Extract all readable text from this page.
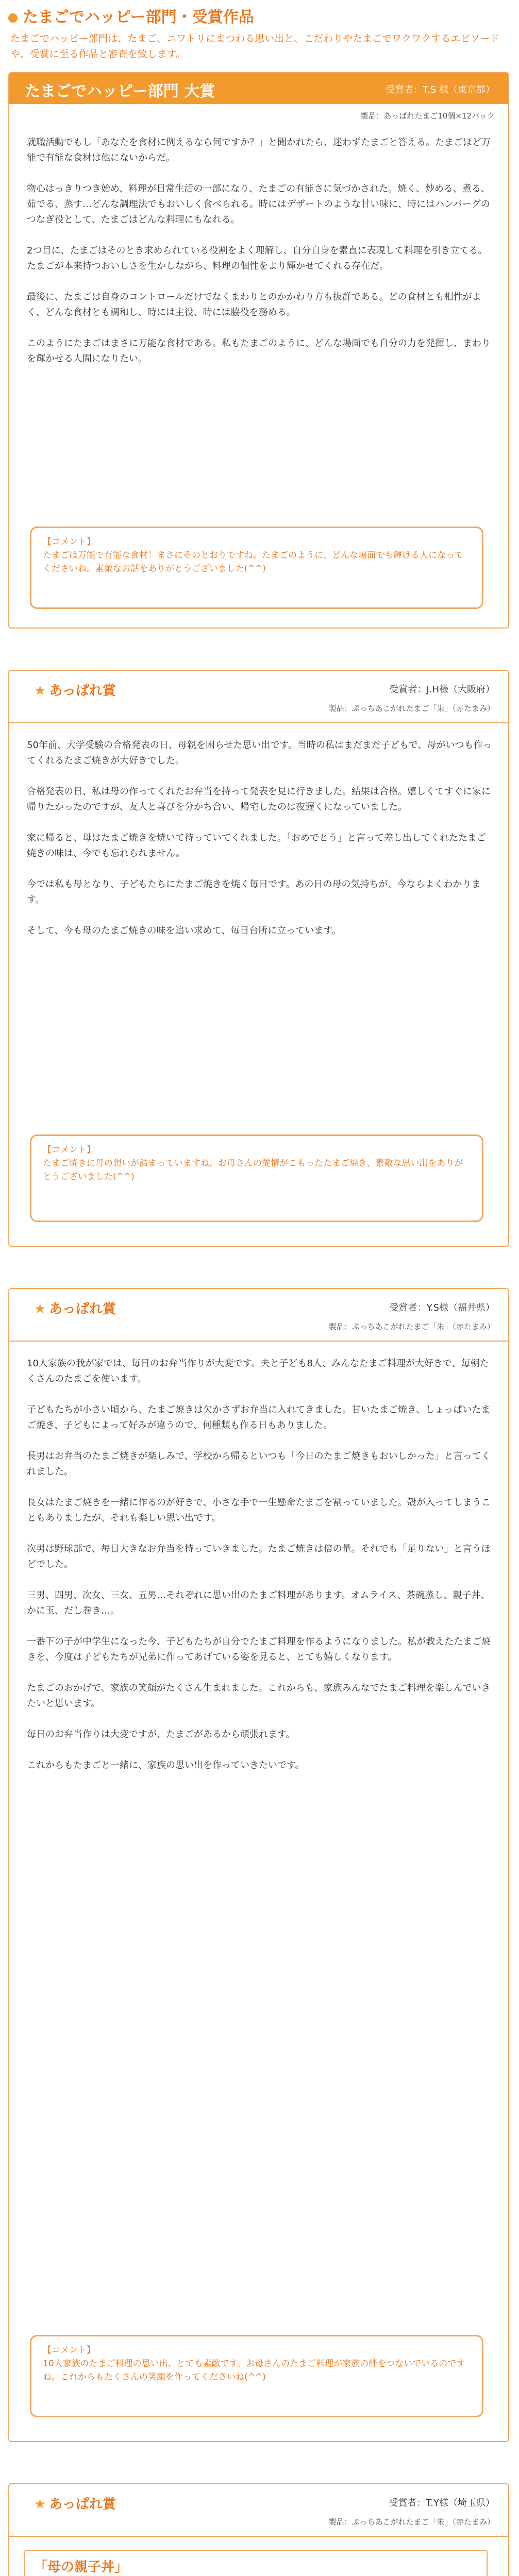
たまごでハッピー部門・受賞作品
たまごでハッピー部門は、たまご、ニワトリにまつわる思い出と、こだわりやたまごでワクワクするエピソードや、受賞に至る作品と審査を致します。
たまごでハッピー部門 大賞	受賞者：T.S 様（東京都）
製品：あっぱれたまご10個×12パック

就職活動でもし「あなたを食材に例えるなら何ですか？」と聞かれたら、迷わずたまごと答える。たまごほど万能で有能な食材は他にないからだ。

物心はっきりつき始め、料理が日常生活の一部になり、たまごの有能さに気づかされた。焼く、炒める、煮る、茹でる、蒸す…どんな調理法でもおいしく食べられる。時にはデザートのような甘い味に、時にはハンバーグのつなぎ役として、たまごはどんな料理にもなれる。

2つ目に、たまごはそのとき求められている役割をよく理解し、自分自身を素直に表現して料理を引き立てる。たまごが本来持つおいしさを生かしながら、料理の個性をより輝かせてくれる存在だ。

最後に、たまごは自身のコントロールだけでなくまわりとのかかわり方も抜群である。どの食材とも相性がよく、どんな食材とも調和し、時には主役、時には脇役を務める。

このようにたまごはまさに万能な食材である。私もたまごのように、どんな場面でも自分の力を発揮し、まわりを輝かせる人間になりたい。

【コメント】
たまごは万能で有能な食材！まさにそのとおりですね。たまごのように、どんな場面でも輝ける人になってくださいね。素敵なお話をありがとうございました(^^)
★ あっぱれ賞	受賞者：J.H様（大阪府）
製品：ぷっちあこがれたまご「朱」（赤たまみ）

50年前、大学受験の合格発表の日、母親を困らせた思い出です。当時の私はまだまだ子どもで、母がいつも作ってくれるたまご焼きが大好きでした。

合格発表の日、私は母の作ってくれたお弁当を持って発表を見に行きました。結果は合格。嬉しくてすぐに家に帰りたかったのですが、友人と喜びを分かち合い、帰宅したのは夜遅くになっていました。

家に帰ると、母はたまご焼きを焼いて待っていてくれました。「おめでとう」と言って差し出してくれたたまご焼きの味は、今でも忘れられません。

今では私も母となり、子どもたちにたまご焼きを焼く毎日です。あの日の母の気持ちが、今ならよくわかります。

そして、今も母のたまご焼きの味を追い求めて、毎日台所に立っています。

【コメント】
たまご焼きに母の想いが詰まっていますね。お母さんの愛情がこもったたまご焼き、素敵な思い出をありがとうございました(^^)
★ あっぱれ賞	受賞者：Y.S様（福井県）
製品：ぷっちあこがれたまご「朱」（赤たまみ）

10人家族の我が家では、毎日のお弁当作りが大変です。夫と子ども8人、みんなたまご料理が大好きで、毎朝たくさんのたまごを使います。

子どもたちが小さい頃から、たまご焼きは欠かさずお弁当に入れてきました。甘いたまご焼き、しょっぱいたまご焼き、子どもによって好みが違うので、何種類も作る日もありました。

長男はお弁当のたまご焼きが楽しみで、学校から帰るといつも「今日のたまご焼きもおいしかった」と言ってくれました。

長女はたまご焼きを一緒に作るのが好きで、小さな手で一生懸命たまごを割っていました。殻が入ってしまうこともありましたが、それも楽しい思い出です。

次男は野球部で、毎日大きなお弁当を持っていきました。たまご焼きは倍の量。それでも「足りない」と言うほどでした。

三男、四男、次女、三女、五男…それぞれに思い出のたまご料理があります。オムライス、茶碗蒸し、親子丼、かに玉、だし巻き…。

一番下の子が中学生になった今、子どもたちが自分でたまご料理を作るようになりました。私が教えたたまご焼きを、今度は子どもたちが兄弟に作ってあげている姿を見ると、とても嬉しくなります。

たまごのおかげで、家族の笑顔がたくさん生まれました。これからも、家族みんなでたまご料理を楽しんでいきたいと思います。

毎日のお弁当作りは大変ですが、たまごがあるから頑張れます。

これからもたまごと一緒に、家族の思い出を作っていきたいです。

【コメント】
10人家族のたまご料理の思い出、とても素敵です。お母さんのたまご料理が家族の絆をつないでいるのですね。これからもたくさんの笑顔を作ってくださいね(^^)
★ あっぱれ賞	受賞者：T.Y様（埼玉県）
製品：ぷっちあこがれたまご「朱」（赤たまみ）
「母の親子丼」
